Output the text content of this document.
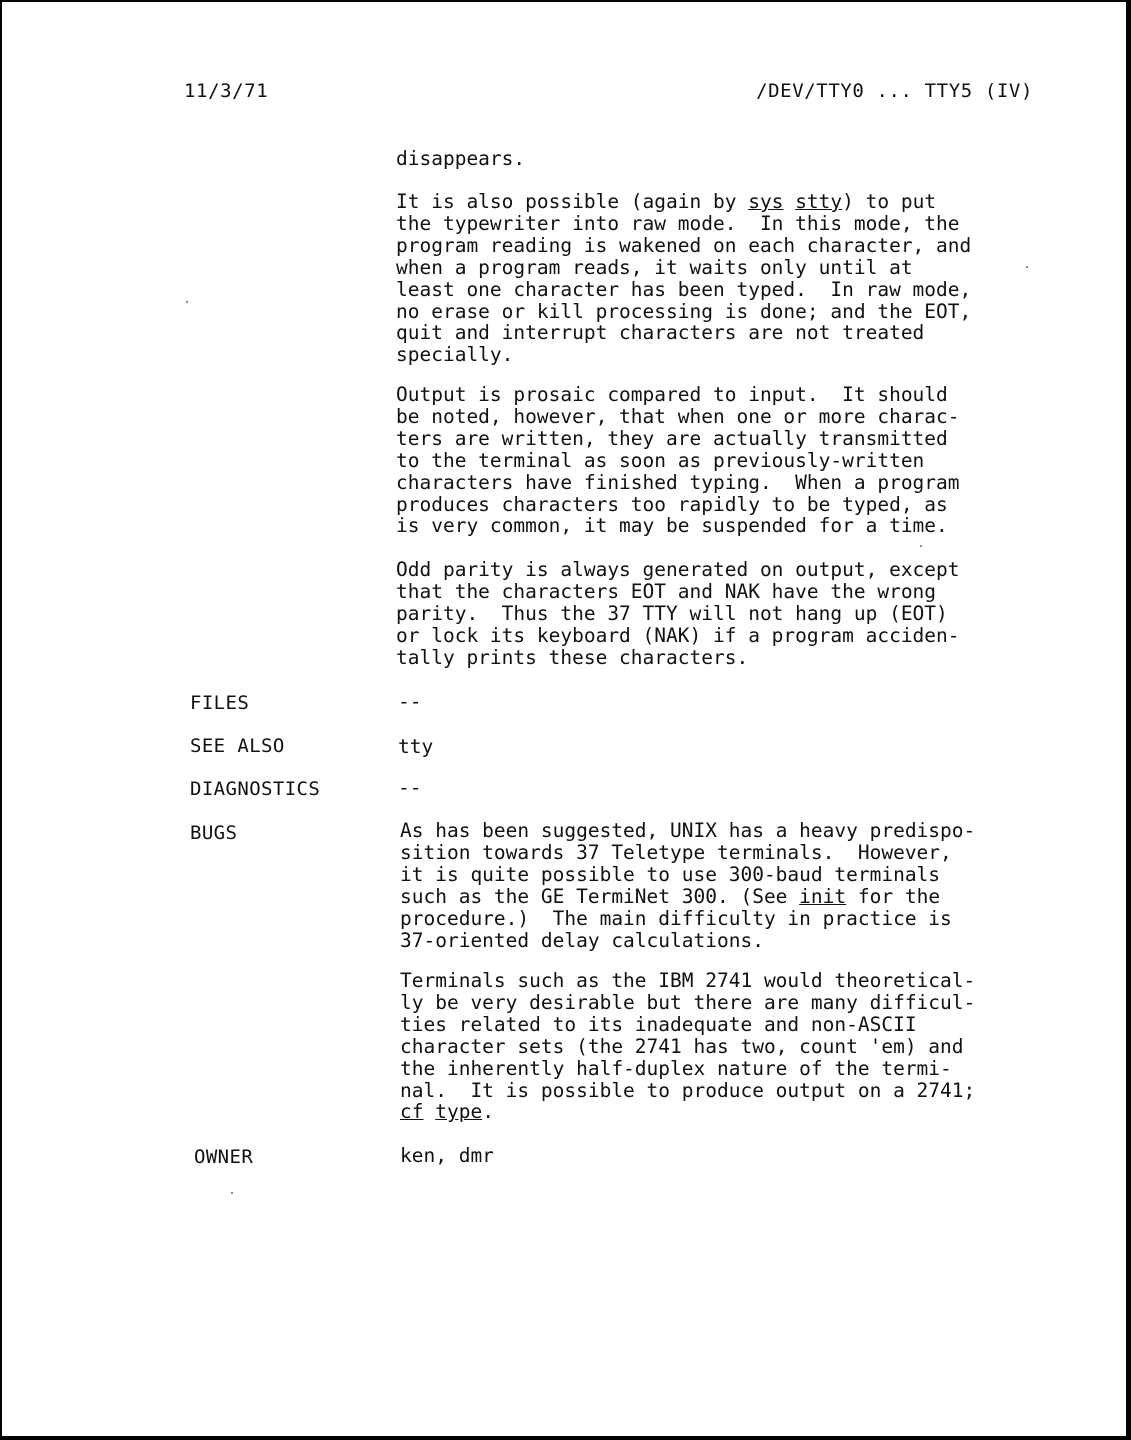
11/3/71	/DEV/TTY0 ... TTY5 (IV)

disappears.

It is also possible (again by sys stty) to put
the typewriter into raw mode.  In this mode, the
program reading is wakened on each character, and
when a program reads, it waits only until at
least one character has been typed.  In raw mode,
no erase or kill processing is done; and the EOT,
quit and interrupt characters are not treated
specially.

Output is prosaic compared to input.  It should
be noted, however, that when one or more charac-
ters are written, they are actually transmitted
to the terminal as soon as previously-written
characters have finished typing.  When a program
produces characters too rapidly to be typed, as
is very common, it may be suspended for a time.

Odd parity is always generated on output, except
that the characters EOT and NAK have the wrong
parity.  Thus the 37 TTY will not hang up (EOT)
or lock its keyboard (NAK) if a program acciden-
tally prints these characters.

FILES	--

SEE ALSO	tty

DIAGNOSTICS	--

BUGS	As has been suggested, UNIX has a heavy predispo-
sition towards 37 Teletype terminals.  However,
it is quite possible to use 300-baud terminals
such as the GE TermiNet 300. (See init for the
procedure.)  The main difficulty in practice is
37-oriented delay calculations.

Terminals such as the IBM 2741 would theoretical-
ly be very desirable but there are many difficul-
ties related to its inadequate and non-ASCII
character sets (the 2741 has two, count 'em) and
the inherently half-duplex nature of the termi-
nal.  It is possible to produce output on a 2741;
cf type.

OWNER	ken, dmr
